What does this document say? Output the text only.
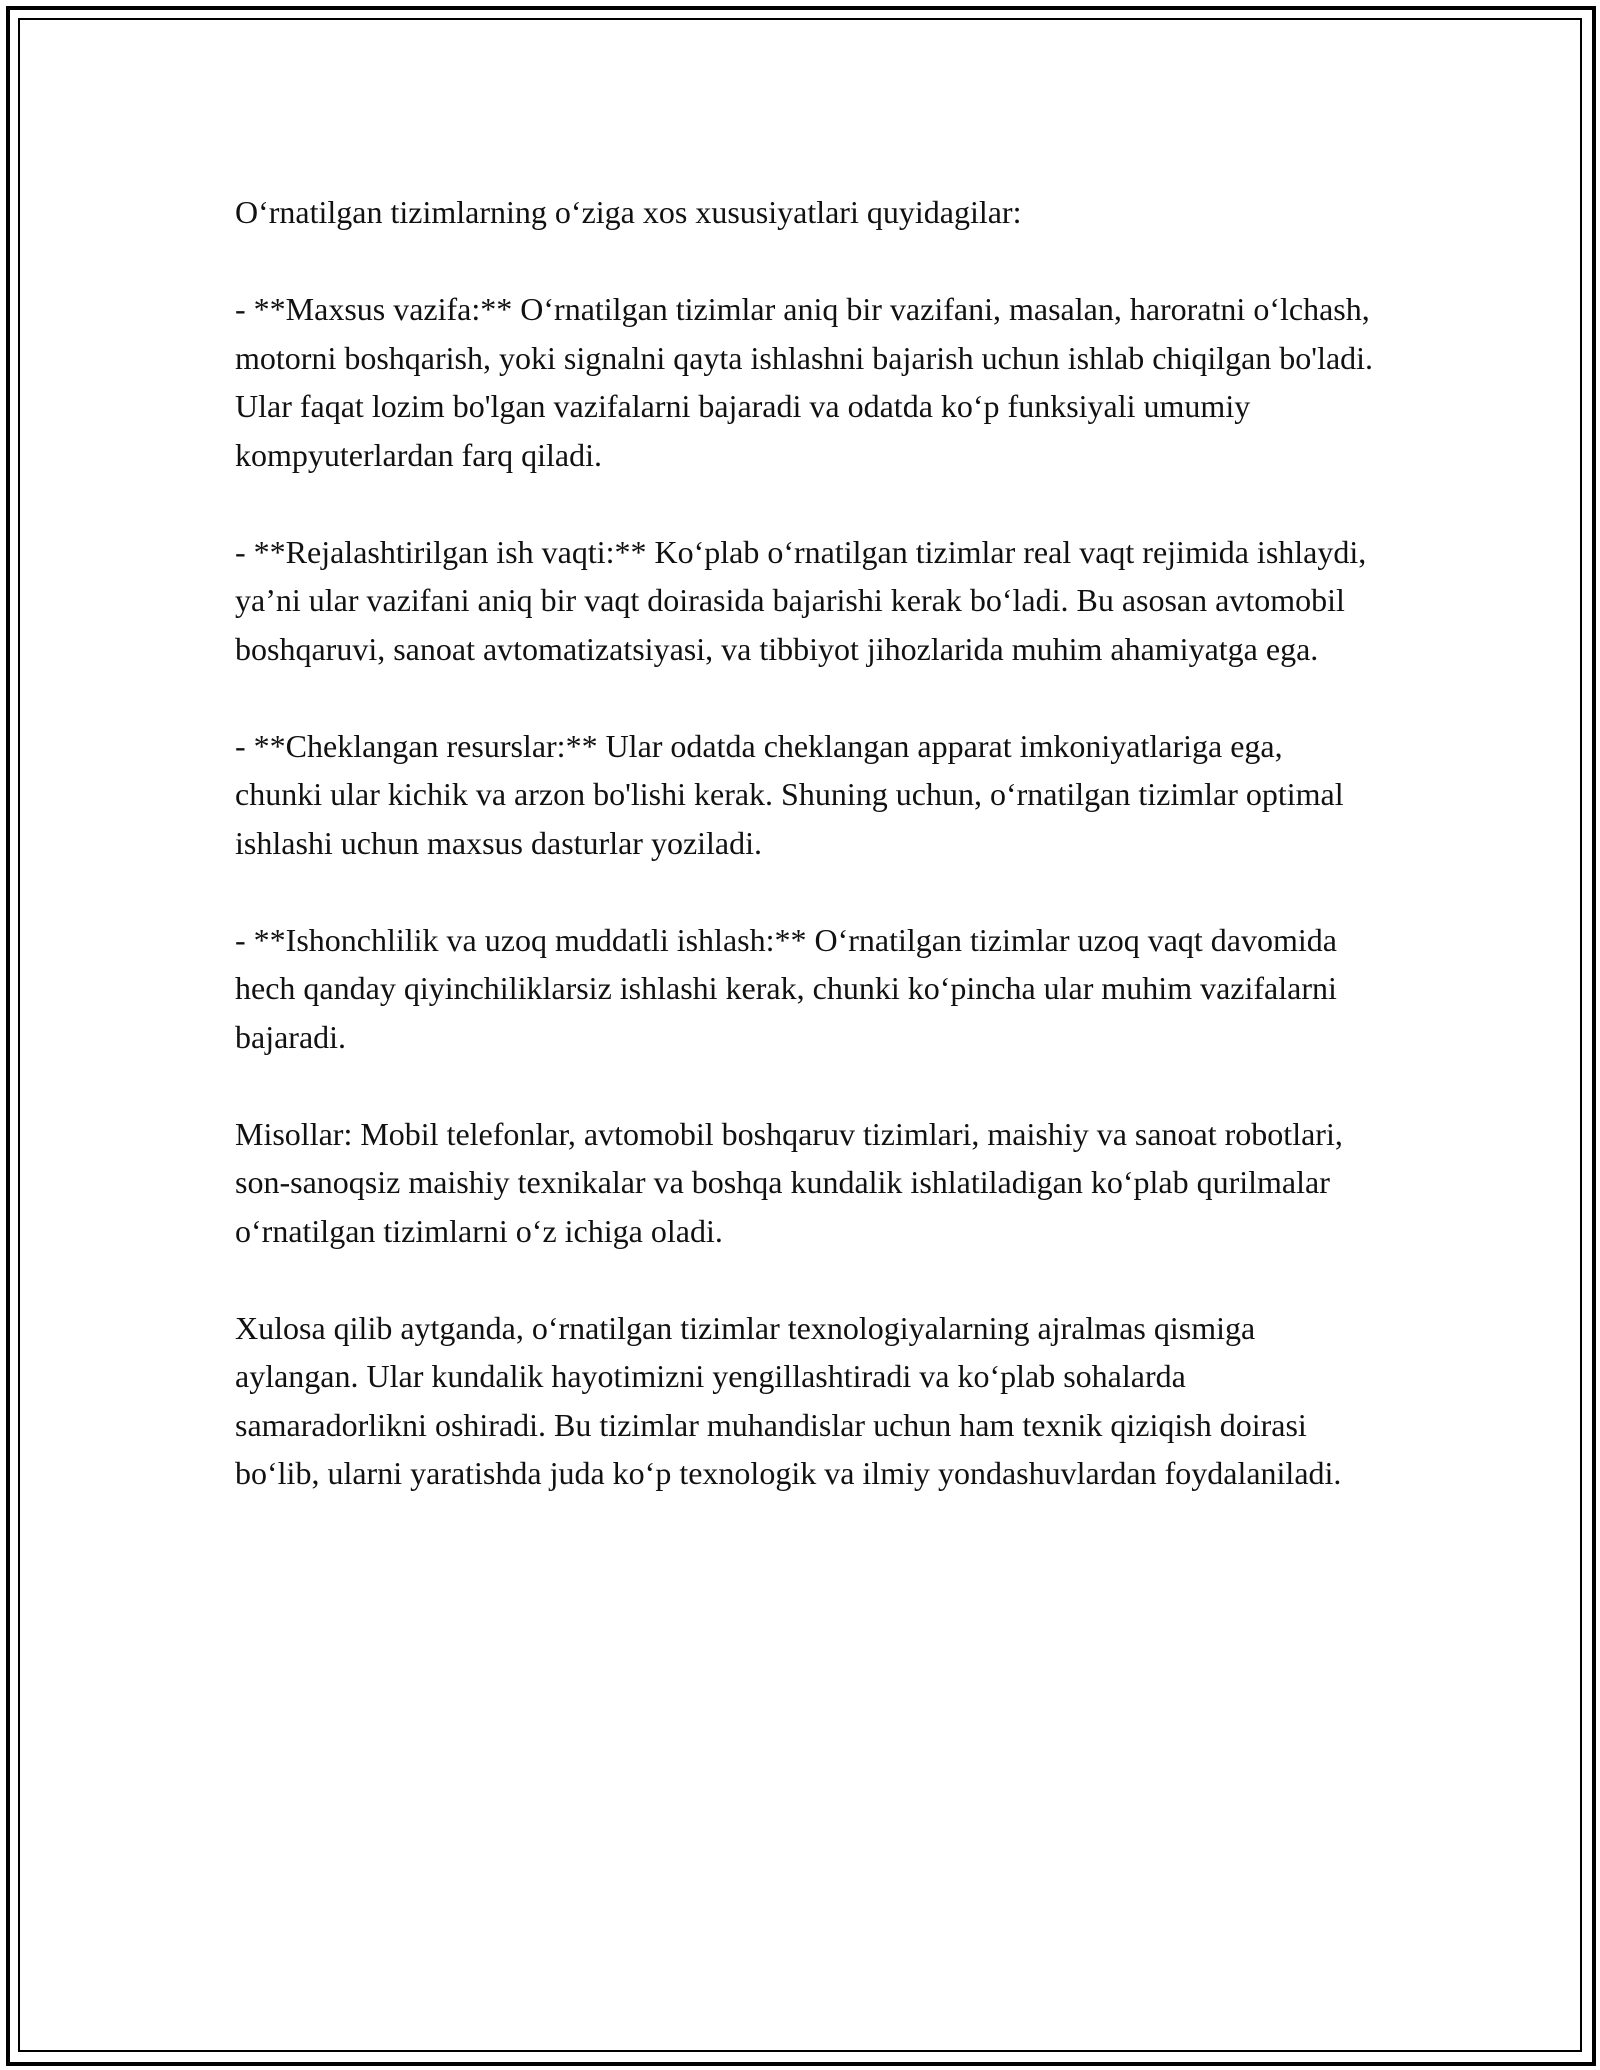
O‘rnatilgan tizimlarning o‘ziga xos xususiyatlari quyidagilar:

- **Maxsus vazifa:** O‘rnatilgan tizimlar aniq bir vazifani, masalan, haroratni o‘lchash, motorni boshqarish, yoki signalni qayta ishlashni bajarish uchun ishlab chiqilgan bo'ladi. Ular faqat lozim bo'lgan vazifalarni bajaradi va odatda ko‘p funksiyali umumiy kompyuterlardan farq qiladi.

- **Rejalashtirilgan ish vaqti:** Ko‘plab o‘rnatilgan tizimlar real vaqt rejimida ishlaydi, ya’ni ular vazifani aniq bir vaqt doirasida bajarishi kerak bo‘ladi. Bu asosan avtomobil boshqaruvi, sanoat avtomatizatsiyasi, va tibbiyot jihozlarida muhim ahamiyatga ega.

- **Cheklangan resurslar:** Ular odatda cheklangan apparat imkoniyatlariga ega, chunki ular kichik va arzon bo'lishi kerak. Shuning uchun, o‘rnatilgan tizimlar optimal ishlashi uchun maxsus dasturlar yoziladi.

- **Ishonchlilik va uzoq muddatli ishlash:** O‘rnatilgan tizimlar uzoq vaqt davomida hech qanday qiyinchiliklarsiz ishlashi kerak, chunki ko‘pincha ular muhim vazifalarni bajaradi.

Misollar: Mobil telefonlar, avtomobil boshqaruv tizimlari, maishiy va sanoat robotlari, son-sanoqsiz maishiy texnikalar va boshqa kundalik ishlatiladigan ko‘plab qurilmalar o‘rnatilgan tizimlarni o‘z ichiga oladi.

Xulosa qilib aytganda, o‘rnatilgan tizimlar texnologiyalarning ajralmas qismiga aylangan. Ular kundalik hayotimizni yengillashtiradi va ko‘plab sohalarda samaradorlikni oshiradi. Bu tizimlar muhandislar uchun ham texnik qiziqish doirasi bo‘lib, ularni yaratishda juda ko‘p texnologik va ilmiy yondashuvlardan foydalaniladi.
